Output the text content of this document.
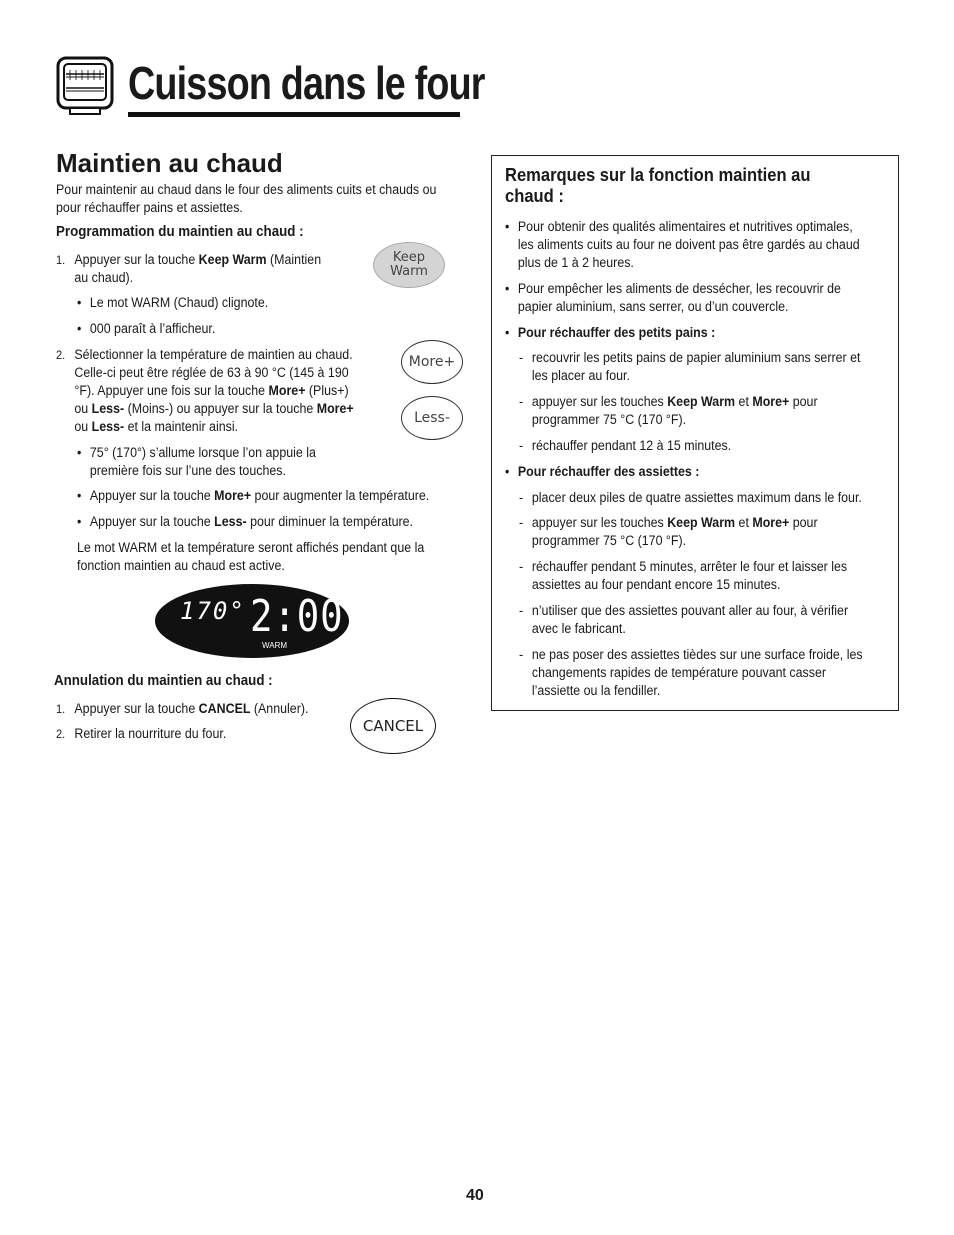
Cuisson dans le four
Maintien au chaud
Pour maintenir au chaud dans le four des aliments cuits et chauds ou pour réchauffer pains et assiettes.
Programmation du maintien au chaud :
1. Appuyer sur la touche Keep Warm (Maintien au chaud).
• Le mot WARM (Chaud) clignote.
• 000 paraît à l’afficheur.
2. Sélectionner la température de maintien au chaud. Celle-ci peut être réglée de 63 à 90 °C (145 à 190 °F). Appuyer une fois sur la touche More+ (Plus+) ou Less- (Moins-) ou appuyer sur la touche More+ ou Less- et la maintenir ainsi.
• 75° (170°) s’allume lorsque l’on appuie la première fois sur l’une des touches.
• Appuyer sur la touche More+ pour augmenter la température.
• Appuyer sur la touche Less- pour diminuer la température.
Le mot WARM et la température seront affichés pendant que la fonction maintien au chaud est active.
Keep
Warm
More+
Less-
170° 2:00
WARM
Annulation du maintien au chaud :
1. Appuyer sur la touche CANCEL (Annuler).
2. Retirer la nourriture du four.	CANCEL
Remarques sur la fonction maintien au chaud :
• Pour obtenir des qualités alimentaires et nutritives optimales, les aliments cuits au four ne doivent pas être gardés au chaud plus de 1 à 2 heures.
• Pour empêcher les aliments de dessécher, les recouvrir de papier aluminium, sans serrer, ou d’un couvercle.
• Pour réchauffer des petits pains :
- recouvrir les petits pains de papier aluminium sans serrer et les placer au four.
- appuyer sur les touches Keep Warm et More+ pour programmer 75 °C (170 °F).
- réchauffer pendant 12 à 15 minutes.
• Pour réchauffer des assiettes :
- placer deux piles de quatre assiettes maximum dans le four.
- appuyer sur les touches Keep Warm et More+ pour programmer 75 °C (170 °F).
- réchauffer pendant 5 minutes, arrêter le four et laisser les assiettes au four pendant encore 15 minutes.
- n’utiliser que des assiettes pouvant aller au four, à vérifier avec le fabricant.
- ne pas poser des assiettes tièdes sur une surface froide, les changements rapides de température pouvant casser l’assiette ou la fendiller.
40
